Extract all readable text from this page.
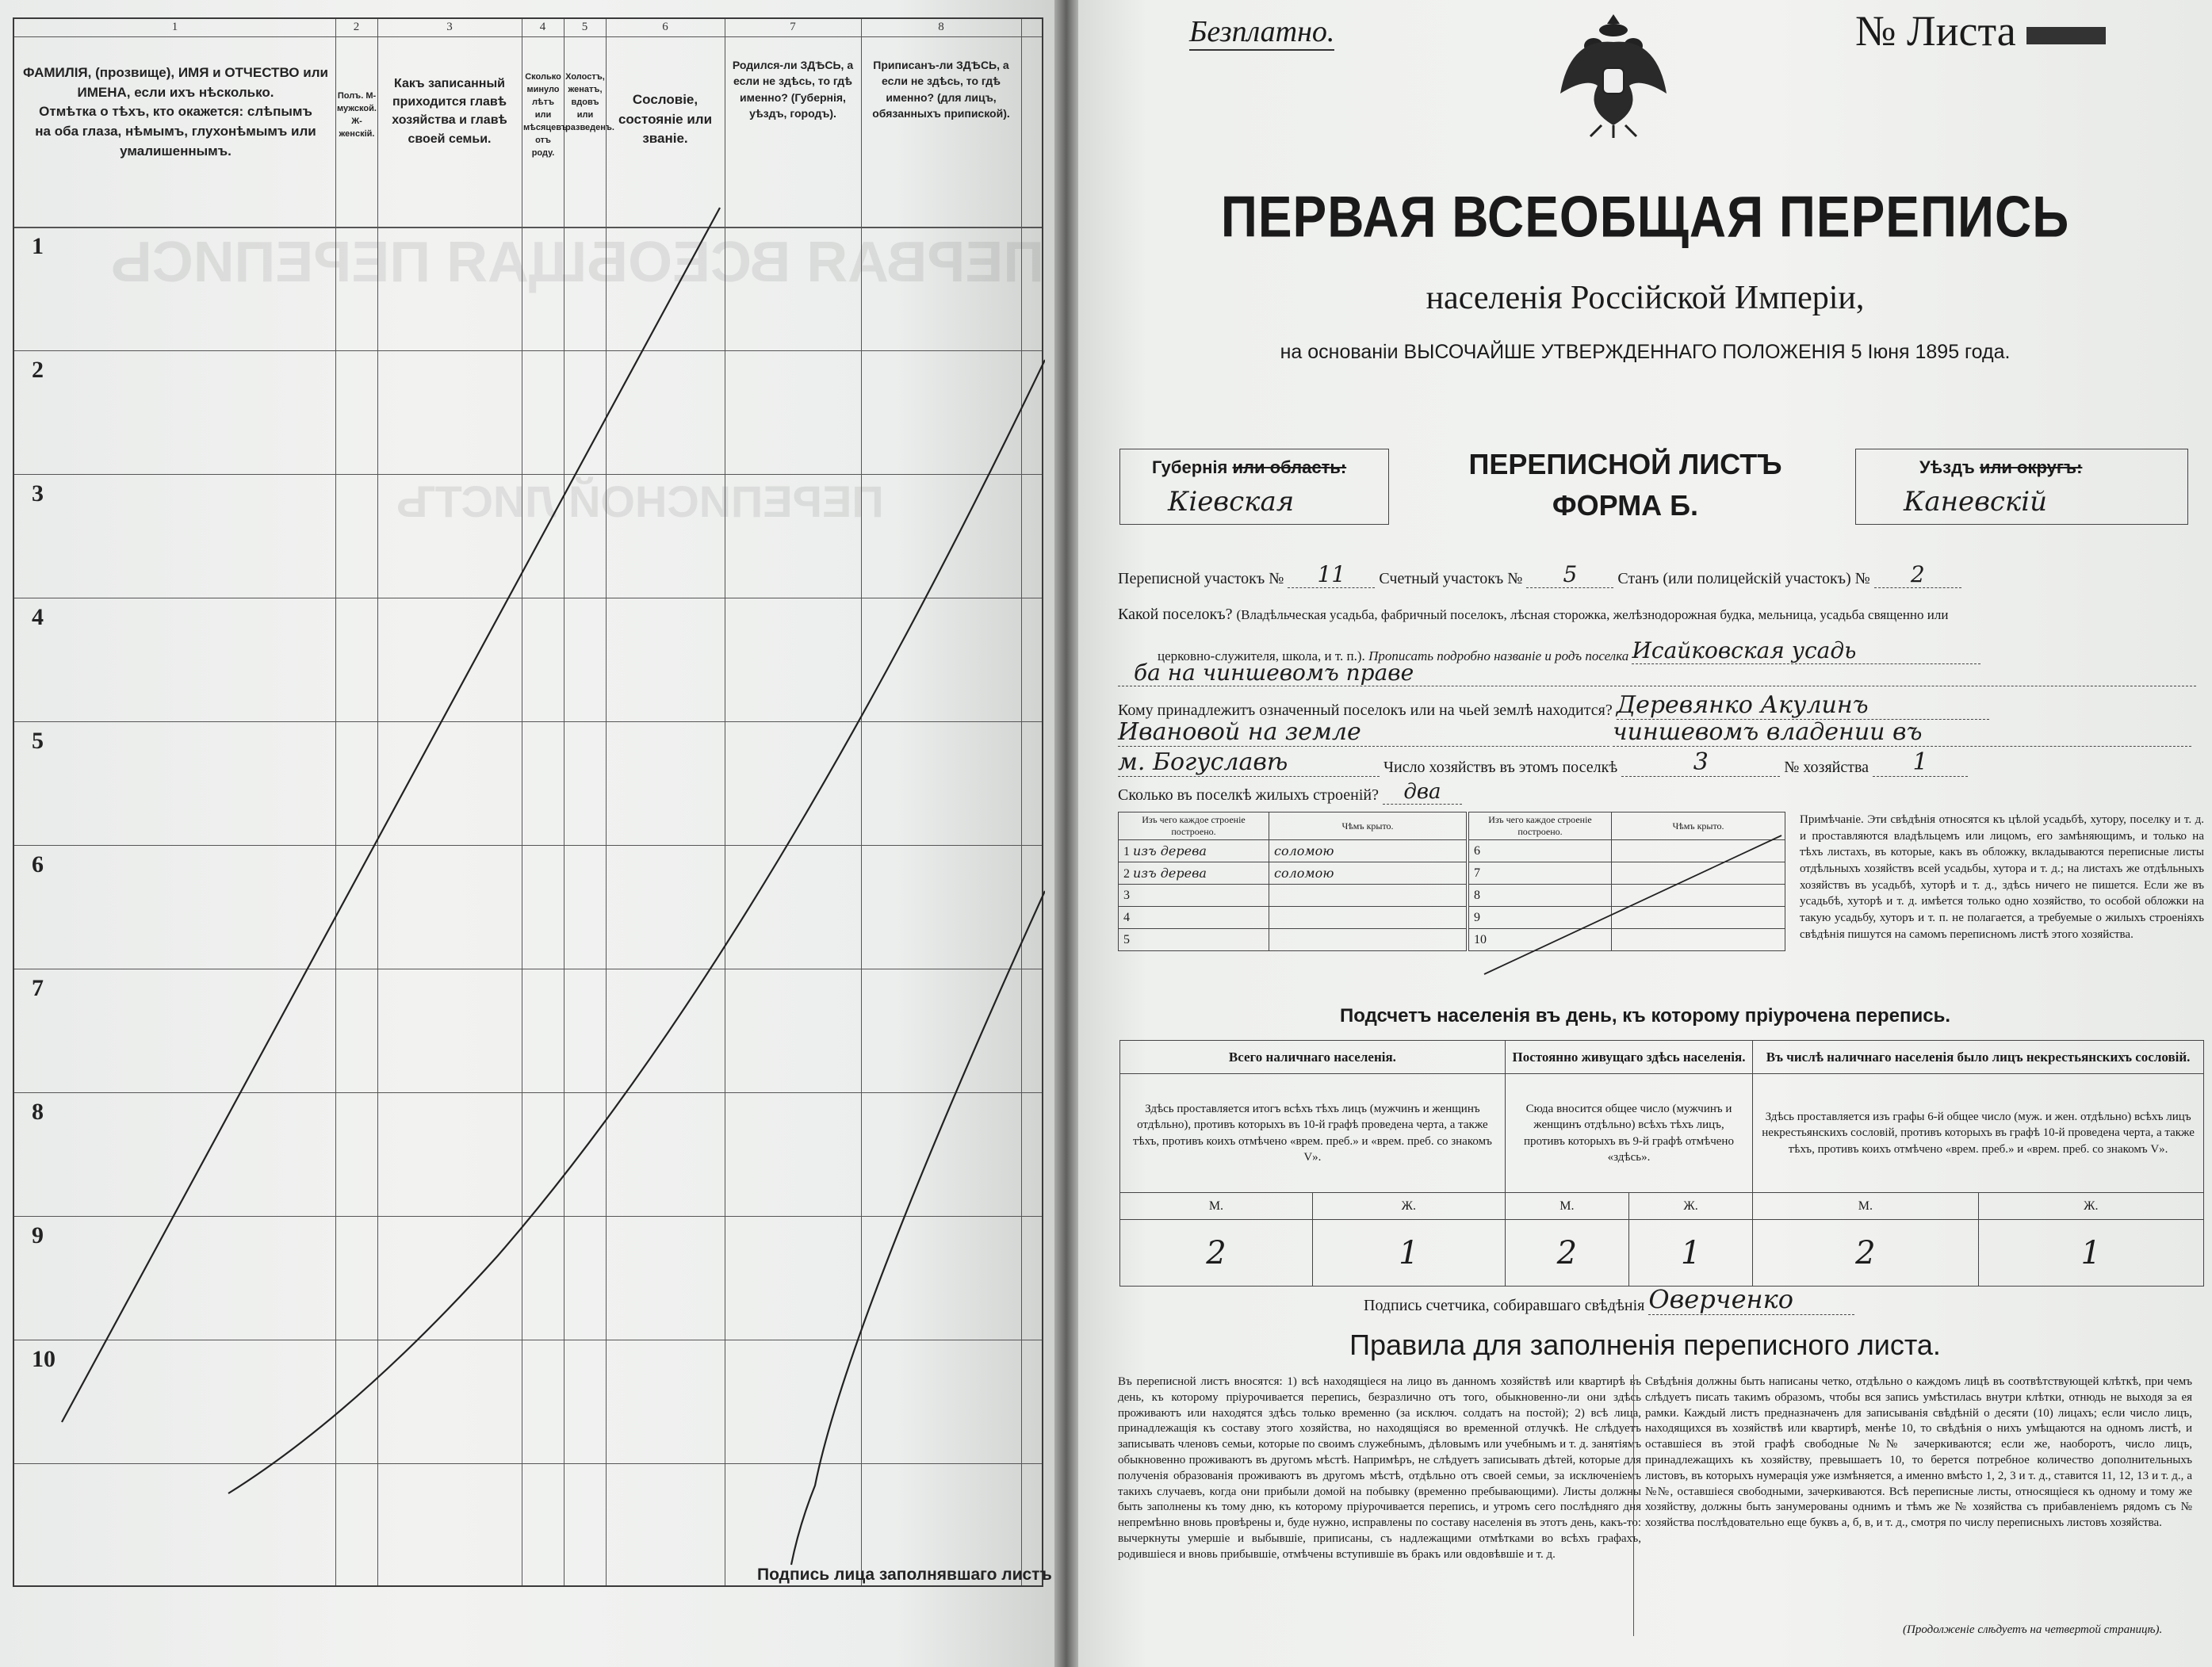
ПЕРВАЯ ВСЕОБЩАЯ ПЕРЕПИСЬ
ПЕРЕПИСНОЙ ЛИСТЪ
1	2	3	4	5	6	7	8
ФАМИЛІЯ, (прозвище), ИМЯ и ОТЧЕСТВО или
ИМЕНА, если ихъ нѣсколько.
Отмѣтка о тѣхъ, кто окажется: слѣпымъ
на оба глаза, нѣмымъ, глухонѣмымъ или
умалишеннымъ.
Полъ. М-мужской. Ж-женскій.
Какъ записанный приходится главѣ хозяйства и главѣ своей семьи.
Сколько минуло лѣтъ или мѣсяцевъ отъ роду.
Холостъ, женатъ, вдовъ или разведенъ.
Сословіе, состояніе или званіе.
Родился-ли ЗДѢСЬ, а если не здѣсь, то гдѣ именно? (Губернія, уѣздъ, городъ).
Приписанъ-ли ЗДѢСЬ, а если не здѣсь, то гдѣ именно? (для лицъ, обязанныхъ припиской).
1
2
3
4
5
6
7
8
9
10
Подпись лица заполнявшаго листъ
Безплатно.	№ Листа
ПЕРВАЯ ВСЕОБЩАЯ ПЕРЕПИСЬ
населенія Россійской Имперіи,
на основаніи ВЫСОЧАЙШЕ УТВЕРЖДЕННАГО ПОЛОЖЕНІЯ 5 Іюня 1895 года.
Губернія или область:
Кіевская
ПЕРЕПИСНОЙ ЛИСТЪ
ФОРМА Б.
Уѣздъ или округъ:
Каневскій
Переписной участокъ № 11 Счетный участокъ № 5	Станъ (или полицейскій участокъ) № 2
Какой поселокъ? (Владѣльческая усадьба, фабричный поселокъ, лѣсная сторожка, желѣзнодорожная будка, мельница, усадьба священно или
церковно-служителя, школа, и т. п.). Прописать подробно названіе и родъ поселка Исайковская усадь
ба на чиншевомъ праве
Кому принадлежитъ означенный поселокъ или на чьей землѣ находится? Деревянко Акулинъ
Ивановой на земле	чиншевомъ владении въ
м. Богуславѣ	Число хозяйствъ въ этомъ поселкѣ	3	№ хозяйства 1
Сколько въ поселкѣ жилыхъ строеній? два
Изъ чего каждое строеніе построено.	Чѣмъ крыто.
1 изъ дерева	соломою
2 изъ дерева	соломою
3	
4	
5	
Изъ чего каждое строеніе построено.	Чѣмъ крыто.
6	
7	
8	
9	
10	
Примѣчаніе. Эти свѣдѣнія относятся къ цѣлой усадьбѣ, хутору, поселку и т. д. и проставляются владѣльцемъ или лицомъ, его замѣняющимъ, и только на тѣхъ листахъ, въ которые, какъ въ обложку, вкладываются переписные листы отдѣльныхъ хозяйствъ всей усадьбы, хутора и т. д.; на листахъ же отдѣльныхъ хозяйствъ въ усадьбѣ, хуторѣ и т. д., здѣсь ничего не пишется. Если же въ усадьбѣ, хуторѣ и т. д. имѣется только одно хозяйство, то особой обложки на такую усадьбу, хуторъ и т. п. не полагается, а требуемые о жилыхъ строеніяхъ свѣдѣнія пишутся на самомъ переписномъ листѣ этого хозяйства.
Подсчетъ населенія въ день, къ которому пріурочена перепись.
Всего наличнаго населенія.		Постоянно живущаго здѣсь населенія.		Въ числѣ наличнаго населенія было лицъ некрестьянскихъ сословій.	
Здѣсь проставляется итогъ всѣхъ тѣхъ лицъ (мужчинъ и женщинъ отдѣльно), противъ которыхъ въ 10-й графѣ проведена черта, а также тѣхъ, противъ коихъ отмѣчено «врем. преб.» и «врем. преб. со знакомъ V».		Сюда вносится общее число (мужчинъ и женщинъ отдѣльно) всѣхъ тѣхъ лицъ, противъ которыхъ въ 9-й графѣ отмѣчено «здѣсь».		Здѣсь проставляется изъ графы 6-й общее число (муж. и жен. отдѣльно) всѣхъ лицъ некрестьянскихъ сословій, противъ которыхъ въ графѣ 10-й проведена черта, а также тѣхъ, противъ коихъ отмѣчено «врем. преб.» и «врем. преб. со знакомъ V».	
М.	Ж.	М.	Ж.	М.	Ж.
2	1	2	1	2	1
Подпись счетчика, собиравшаго свѣдѣнія Оверченко
Правила для заполненія переписного листа.
Въ переписной листъ вносятся: 1) всѣ находящіеся на лицо въ данномъ хозяйствѣ или квартирѣ въ день, къ которому пріурочивается перепись, безразлично отъ того, обыкновенно-ли они здѣсь проживаютъ или находятся здѣсь только временно (за исключ. солдатъ на постой); 2) всѣ лица, принадлежащія къ составу этого хозяйства, но находящіяся во временной отлучкѣ. Не слѣдуетъ записывать членовъ семьи, которые по своимъ служебнымъ, дѣловымъ или учебнымъ и т. д. занятіямъ обыкновенно проживаютъ въ другомъ мѣстѣ. Напримѣръ, не слѣдуетъ записывать дѣтей, которые для полученія образованія проживаютъ въ другомъ мѣстѣ, отдѣльно отъ своей семьи, за исключеніемъ такихъ случаевъ, когда они прибыли домой на побывку (временно пребывающими). Листы должны быть заполнены къ тому дню, къ которому пріурочивается перепись, и утромъ сего послѣдняго дня непремѣнно вновь провѣрены и, буде нужно, исправлены по составу населенія въ этотъ день, какъ-то: вычеркнуты умершіе и выбывшіе, приписаны, съ надлежащими отмѣтками во всѣхъ графахъ, родившіеся и вновь прибывшіе, отмѣчены вступившіе въ бракъ или овдовѣвшіе и т. д.
Свѣдѣнія должны быть написаны четко, отдѣльно о каждомъ лицѣ въ соотвѣтствующей клѣткѣ, при чемъ слѣдуетъ писать такимъ образомъ, чтобы вся запись умѣстилась внутри клѣтки, отнюдь не выходя за ея рамки. Каждый листъ предназначенъ для записыванія свѣдѣній о десяти (10) лицахъ; если число лицъ, находящихся въ хозяйствѣ или квартирѣ, менѣе 10, то свѣдѣнія о нихъ умѣщаются на одномъ листѣ, и оставшіеся въ этой графѣ свободные №№ зачеркиваются; если же, наоборотъ, число лицъ, принадлежащихъ къ хозяйству, превышаетъ 10, то берется потребное количество дополнительныхъ листовъ, въ которыхъ нумерація уже измѣняется, а именно вмѣсто 1, 2, 3 и т. д., ставится 11, 12, 13 и т. д., а №№, оставшіеся свободными, зачеркиваются. Всѣ переписные листы, относящіеся къ одному и тому же хозяйству, должны быть занумерованы однимъ и тѣмъ же № хозяйства съ прибавленіемъ рядомъ съ № хозяйства послѣдовательно еще буквъ а, б, в, и т. д., смотря по числу переписныхъ листовъ хозяйства.
(Продолженіе слѣдуетъ на четвертой страницѣ).
